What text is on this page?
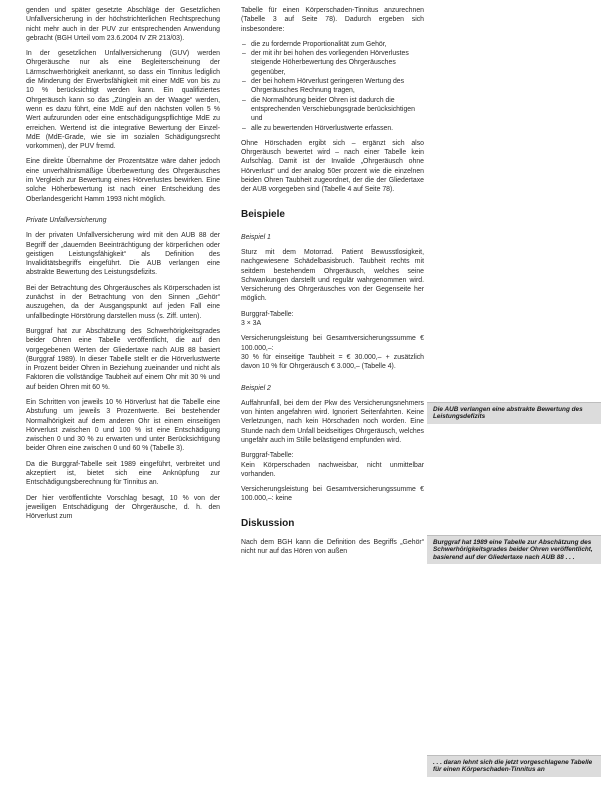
genden und später gesetzte Abschläge der Gesetzlichen Unfallversicherung in der höchstrichterlichen Rechtsprechung nicht mehr auch in der PUV zur entsprechenden Anwendung gebracht (BGH Urteil vom 23.6.2004 IV ZR 213/03).

In der gesetzlichen Unfallversicherung (GUV) werden Ohrgeräusche nur als eine Begleiterscheinung der Lärmschwerhörigkeit anerkannt, so dass ein Tinnitus lediglich die Minderung der Erwerbsfähigkeit mit einer MdE von bis zu 10 % berücksichtigt werden kann. Ein qualifiziertes Ohrgeräusch kann so das „Zünglein an der Waage“ werden, wenn es dazu führt, eine MdE auf den nächsten vollen 5 % Wert aufzurunden oder eine entschädigungspflichtige MdE zu erreichen. Wertend ist die integrative Bewertung der Einzel-MdE (MdE-Grade, wie sie im sozialen Schädigungsrecht vorkommen), der PUV fremd.

Eine direkte Übernahme der Prozentsätze wäre daher jedoch eine unverhältnismäßige Überbewertung des Ohrgeräusches im Vergleich zur Bewertung eines Hörverlustes bewirken. Eine solche Höherbewertung ist nach einer Entscheidung des Oberlandesgericht Hamm 1993 nicht möglich.

Private Unfallversicherung

In der privaten Unfallversicherung wird mit den AUB 88 der Begriff der „dauernden Beeinträchtigung der körperlichen oder geistigen Leistungsfähigkeit“ als Definition des Invaliditätsbegriffs eingeführt. Die AUB verlangen eine abstrakte Bewertung des Leistungsdefizits.

Bei der Betrachtung des Ohrgeräusches als Körperschaden ist zunächst in der Betrachtung von den Sinnen „Gehör“ auszugehen, da der Ausgangspunkt auf jeden Fall eine unfallbedingte Hörstörung darstellen muss (s. Ziff. unten).

Burggraf hat zur Abschätzung des Schwerhörigkeitsgrades beider Ohren eine Tabelle veröffentlicht, die auf den vorgegebenen Werten der Gliedertaxe nach AUB 88 basiert (Burggraf 1989). In dieser Tabelle stellt er die Hörverlustwerte in Prozent beider Ohren in Beziehung zueinander und nicht als Faktoren die vollständige Taubheit auf einem Ohr mit 30 % und auf beiden Ohren mit 60 %.

Ein Schritten von jeweils 10 % Hörverlust hat die Tabelle eine Abstufung um jeweils 3 Prozentwerte. Bei bestehender Normalhörigkeit auf dem anderen Ohr ist einem einseitigen Hörverlust zwischen 0 und 100 % ist eine Entschädigung zwischen 0 und 30 % zu erwarten und unter Berücksichtigung beider Ohren eine zwischen 0 und 60 % (Tabelle 3).

Da die Burggraf-Tabelle seit 1989 eingeführt, verbreitet und akzeptiert ist, bietet sich eine Anknüpfung zur Entschädigungsberechnung für Tinnitus an.

Der hier veröffentlichte Vorschlag besagt, 10 % von der jeweiligen Entschädigung der Ohrgeräusche, d. h. den Hörverlust zum

Tabelle für einen Körperschaden-Tinnitus anzurechnen (Tabelle 3 auf Seite 78). Dadurch ergeben sich insbesondere:

– die zu fordernde Proportionalität zum Gehör,
– der mit ihr bei hohen des vorliegenden Hörverlustes steigende Höherbewertung des Ohrgeräusches gegenüber,
– der bei hohem Hörverlust geringeren Wertung des Ohrgeräusches Rechnung tragen,
– die Normalhörung beider Ohren ist dadurch die entsprechenden Verschiebungsgrade berücksichtigen und
– alle zu bewertenden Hörverlustwerte erfassen.

Ohne Hörschaden ergibt sich – ergänzt sich also Ohrgeräusch bewertet wird – nach einer Tabelle kein Aufschlag. Damit ist der Invalide „Ohrgeräusch ohne Hörverlust“ und der analog 50er prozent wie die einzelnen beiden Ohren Taubheit zugeordnet, der die der Gliedertaxe der AUB vorgegeben sind (Tabelle 4 auf Seite 78).

Beispiele
Beispiel 1

Sturz mit dem Motorrad. Patient Bewusstlosigkeit, nachgewiesene Schädelbasisbruch. Taubheit rechts mit seitdem bestehendem Ohrgeräusch, welches seine Schwankungen darstellt und regulär wahrgenommen wird. Versicherung des Ohrgeräusches von der Gegenseite her möglich.

Burggraf-Tabelle:

3 × 3A

Versicherungsleistung bei Gesamtversicherungssumme € 100.000,–:

30 % für einseitige Taubheit = € 30.000,– + zusätzlich davon 10 % für Ohrgeräusch € 3.000,– (Tabelle 4).

Beispiel 2

Auffahrunfall, bei dem der Pkw des Versicherungsnehmers von hinten angefahren wird. Ignoriert Seitenfahrten. Keine Verletzungen, nach kein Hörschaden noch worden. Eine Stunde nach dem Unfall beidseitiges Ohrgeräusch, welches ungefähr auch im Stille belästigend empfunden wird.

Burggraf-Tabelle:

Kein Körperschaden nachweisbar, nicht unmittelbar vorhanden.

Versicherungsleistung bei Gesamtversicherungssumme € 100.000,–: keine

Diskussion

Nach dem BGH kann die Definition des Begriffs „Gehör“ nicht nur auf das Hören von außen

Die AUB verlangen eine abstrakte Bewertung des Leistungsdefizits
Burggraf hat 1989 eine Tabelle zur Abschätzung des Schwerhörigkeitsgrades beider Ohren veröffentlicht, basierend auf der Gliedertaxe nach AUB 88 . . .
. . . daran lehnt sich die jetzt vorgeschlagene Tabelle für einen Körperschaden-Tinnitus an
